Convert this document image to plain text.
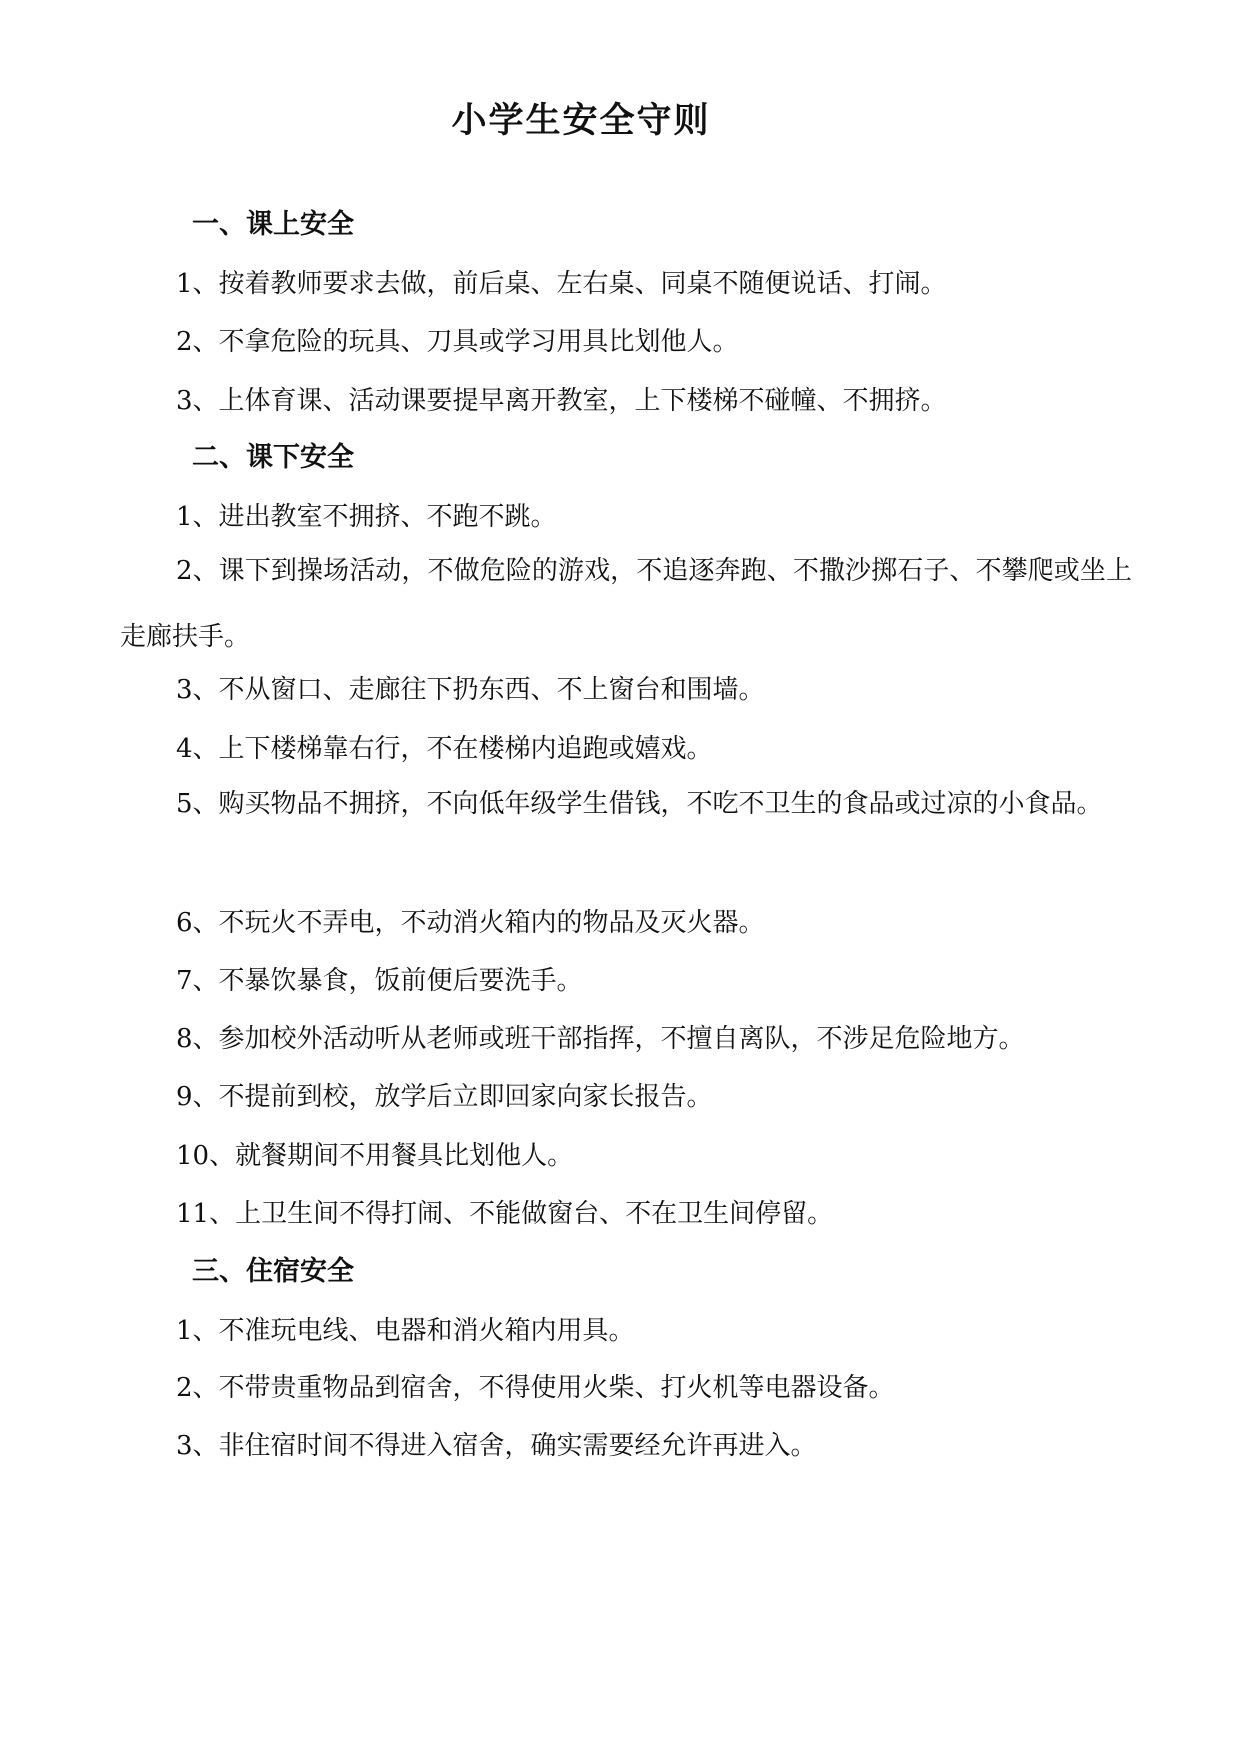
小学生安全守则
一、课上安全
1、按着教师要求去做，前后桌、左右桌、同桌不随便说话、打闹。
2、不拿危险的玩具、刀具或学习用具比划他人。
3、上体育课、活动课要提早离开教室，上下楼梯不碰幢、不拥挤。
二、课下安全
1、进出教室不拥挤、不跑不跳。
2、课下到操场活动，不做危险的游戏，不追逐奔跑、不撒沙掷石子、不攀爬或坐上走廊扶手。
3、不从窗口、走廊往下扔东西、不上窗台和围墙。
4、上下楼梯靠右行，不在楼梯内追跑或嬉戏。
5、购买物品不拥挤，不向低年级学生借钱，不吃不卫生的食品或过凉的小食品。
6、不玩火不弄电，不动消火箱内的物品及灭火器。
7、不暴饮暴食，饭前便后要洗手。
8、参加校外活动听从老师或班干部指挥，不擅自离队，不涉足危险地方。
9、不提前到校，放学后立即回家向家长报告。
10、就餐期间不用餐具比划他人。
11、上卫生间不得打闹、不能做窗台、不在卫生间停留。
三、住宿安全
1、不准玩电线、电器和消火箱内用具。
2、不带贵重物品到宿舍，不得使用火柴、打火机等电器设备。
3、非住宿时间不得进入宿舍，确实需要经允许再进入。
